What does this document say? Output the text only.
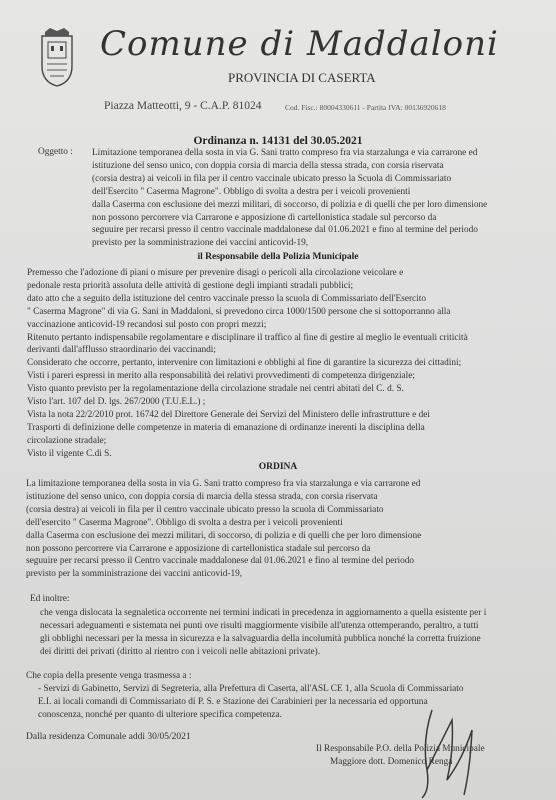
Comune di Maddaloni
PROVINCIA DI CASERTA
Piazza Matteotti, 9 - C.A.P. 81024	Cod. Fisc.: 80004330611 - Partita IVA: 00136920618
Ordinanza n. 14131 del 30.05.2021
Oggetto : Limitazione temporanea della sosta in via G. Sani tratto compreso fra via starzalunga e via carrarone ed
istituzione del senso unico, con doppia corsia di marcia della stessa strada, con corsia riservata
(corsia destra) ai veicoli in fila per il centro vaccinale ubicato presso la Scuola di Commissariato
dell'Esercito " Caserma Magrone". Obbligo di svolta a destra per i veicoli provenienti
dalla Caserma con esclusione dei mezzi militari, di soccorso, di polizia e di quelli che per loro dimensione
non possono percorrere via Carrarone e apposizione di cartellonistica stadale sul percorso da
seguuire per recarsi presso il centro vaccinale maddalonese dal 01.06.2021 e fino al termine del periodo
previsto per la somministrazione dei vaccini anticovid-19,
il Responsabile della Polizia Municipale
Premesso che l'adozione di piani o misure per prevenire disagi o pericoli alla circolazione veicolare e
pedonale resta priorità assoluta delle attività di gestione degli impianti stradali pubblici;
dato atto che a seguito della istituzione del centro vaccinale presso la scuola di Commissariato dell'Esercito
" Caserma Magrone" di via G. Sani in Maddaloni, si prevedono circa 1000/1500 persone che si sottoporranno alla
vaccinazione anticovid-19 recandosi sul posto con propri mezzi;
Ritenuto pertanto indispensabile regolamentare e disciplinare il traffico al fine di gestire al meglio le eventuali criticità
derivanti dall'afflusso straordinario dei vaccinandi;
Considerato che occorre, pertanto, intervenire con limitazioni e obblighi al fine di garantire la sicurezza dei cittadini;
Visti i pareri espressi in merito alla responsabilità dei relativi provvedimenti di competenza dirigenziale;
Visto quanto previsto per la regolamentazione della circolazione stradale nei centri abitati del C. d. S.
Visto l'art. 107 del D. lgs. 267/2000 (T.U.E.L.) ;
Vista la nota 22/2/2010 prot. 16742 del Direttore Generale dei Servizi del Ministero delle infrastrutture e dei
Trasporti di definizione delle competenze in materia di emanazione di ordinanze inerenti la disciplina della
circolazione stradale;
Visto il vigente C.di S.
ORDINA
La limitazione temporanea della sosta in via G. Sani tratto compreso fra via starzalunga e via carrarone ed
istituzione del senso unico, con doppia corsia di marcia della stessa strada, con corsia riservata
(corsia destra) ai veicoli in fila per il centro vaccinale ubicato presso la scuola di Commissariato
dell'esercito " Caserma Magrone". Obbligo di svolta a destra per i veicoli provenienti
dalla Caserma con esclusione dei mezzi militari, di soccorso, di polizia e di quelli che per loro dimensione
non possono percorrere via Carrarone e apposizione di cartellonistica stadale sul percorso da
seguuire per recarsi presso il Centro vaccinale maddalonese dal 01.06.2021 e fino al termine del periodo
previsto per la somministrazione dei vaccini anticovid-19,
Ed inoltre:
che venga dislocata la segnaletica occorrente nei termini indicati in precedenza in aggiornamento a quella esistente per i
necessari adeguamenti e sistemata nei punti ove risulti maggiormente visibile all'utenza ottemperando, peraltro, a tutti
gli obblighi necessari per la messa in sicurezza e la salvaguardia della incolumità pubblica nonché la corretta fruizione
dei diritti dei privati (diritto al rientro con i veicoli nelle abitazioni private).
Che copia della presente venga trasmessa a :
- Servizi di Gabinetto, Servizi di Segreteria, alla Prefettura di Caserta, all'ASL CE 1, alla Scuola di Commissariato
E.I. ai locali comandi di Commissariato di P. S. e Stazione dei Carabinieri per la necessaria ed opportuna
conoscenza, nonché per quanto di ulteriore specifica competenza.
Dalla residenza Comunale addì 30/05/2021
Il Responsabile P.O. della Polizia Municipale
Maggiore dott. Domenico Renga
